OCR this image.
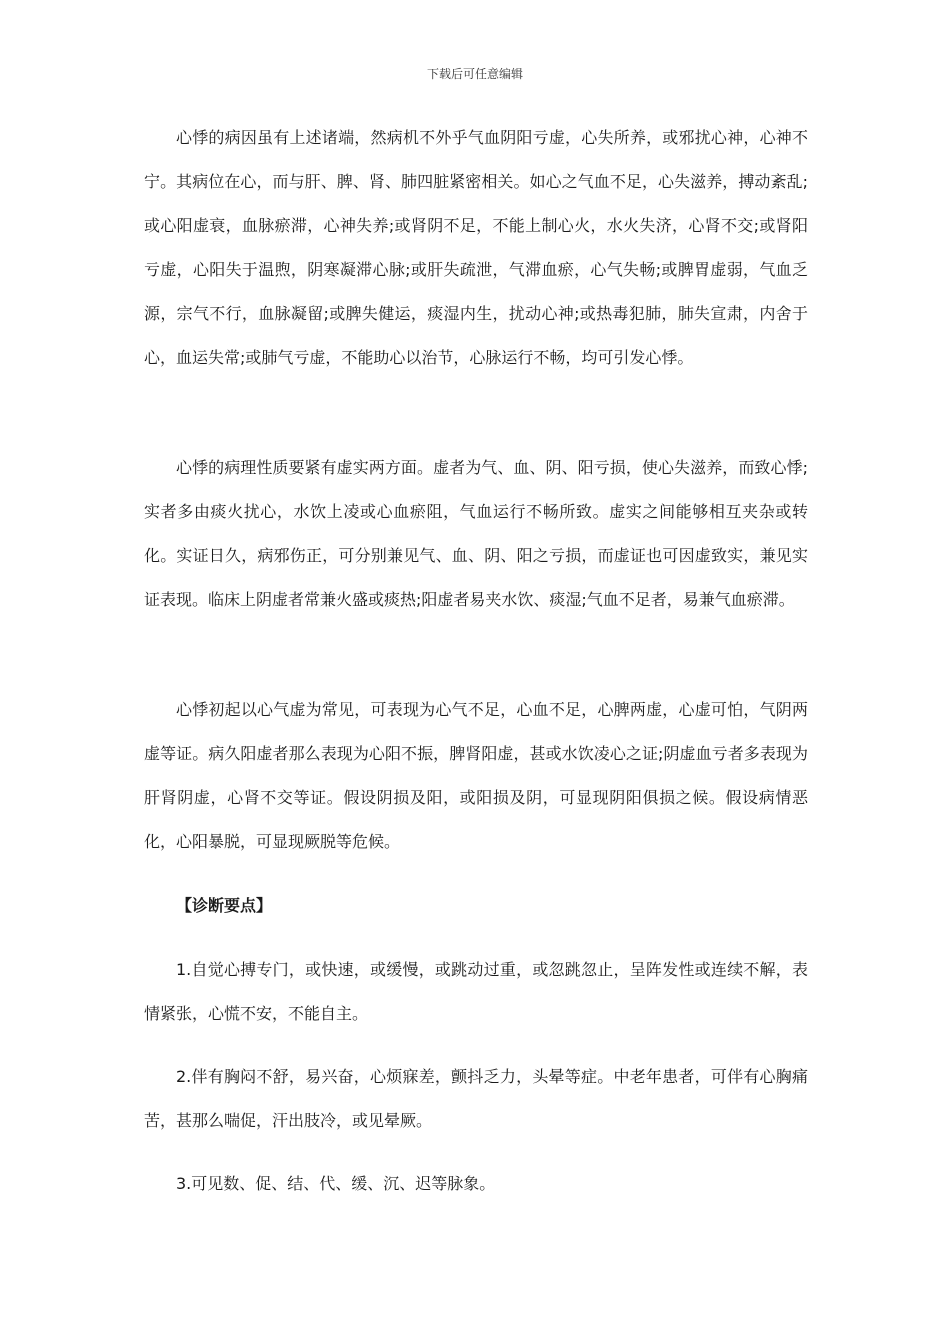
下载后可任意编辑

心悸的病因虽有上述诸端，然病机不外乎气血阴阳亏虚，心失所养，或邪扰心神，心神不宁。其病位在心，而与肝、脾、肾、肺四脏紧密相关。如心之气血不足，心失滋养，搏动紊乱;或心阳虚衰，血脉瘀滞，心神失养;或肾阴不足，不能上制心火，水火失济，心肾不交;或肾阳亏虚，心阳失于温煦，阴寒凝滞心脉;或肝失疏泄，气滞血瘀，心气失畅;或脾胃虚弱，气血乏源，宗气不行，血脉凝留;或脾失健运，痰湿内生，扰动心神;或热毒犯肺，肺失宣肃，内舍于心，血运失常;或肺气亏虚，不能助心以治节，心脉运行不畅，均可引发心悸。

心悸的病理性质要紧有虚实两方面。虚者为气、血、阴、阳亏损，使心失滋养，而致心悸;实者多由痰火扰心，水饮上凌或心血瘀阻，气血运行不畅所致。虚实之间能够相互夹杂或转化。实证日久，病邪伤正，可分别兼见气、血、阴、阳之亏损，而虚证也可因虚致实，兼见实证表现。临床上阴虚者常兼火盛或痰热;阳虚者易夹水饮、痰湿;气血不足者，易兼气血瘀滞。

心悸初起以心气虚为常见，可表现为心气不足，心血不足，心脾两虚，心虚可怕，气阴两虚等证。病久阳虚者那么表现为心阳不振，脾肾阳虚，甚或水饮凌心之证;阴虚血亏者多表现为肝肾阴虚，心肾不交等证。假设阴损及阳，或阳损及阴，可显现阴阳俱损之候。假设病情恶化，心阳暴脱，可显现厥脱等危候。

【诊断要点】

1.自觉心搏专门，或快速，或缓慢，或跳动过重，或忽跳忽止，呈阵发性或连续不解，表情紧张，心慌不安，不能自主。

2.伴有胸闷不舒，易兴奋，心烦寐差，颤抖乏力，头晕等症。中老年患者，可伴有心胸痛苦，甚那么喘促，汗出肢冷，或见晕厥。

3.可见数、促、结、代、缓、沉、迟等脉象。
